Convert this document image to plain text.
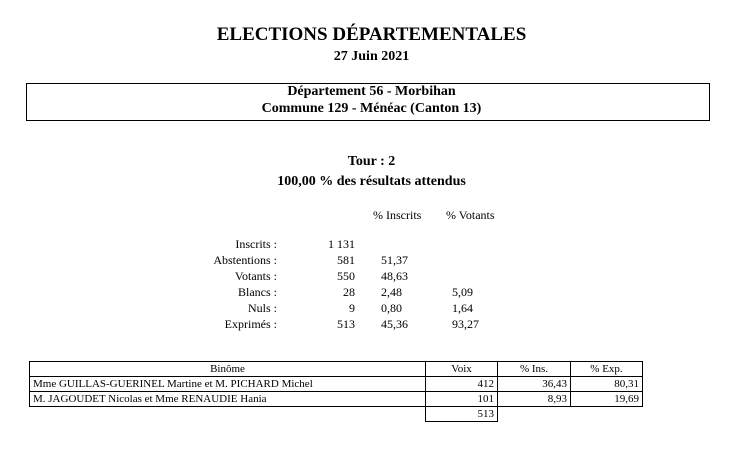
ELECTIONS DÉPARTEMENTALES
27 Juin 2021
Département 56 - Morbihan
Commune 129 - Ménéac (Canton 13)
Tour : 2
100,00 % des résultats attendus
% Inscrits % Votants
Inscrits :	1 131
Abstentions :	581 51,37
Votants :	550 48,63
Blancs :	28 2,48	5,09
Nuls :	9 0,80	1,64
Exprimés :	513 45,36	93,27
Binôme	Voix	% Ins.	% Exp.
Mme GUILLAS-GUERINEL Martine et M. PICHARD Michel	412	36,43	80,31
M. JAGOUDET Nicolas et Mme RENAUDIE Hania	101	8,93	19,69
	513		
